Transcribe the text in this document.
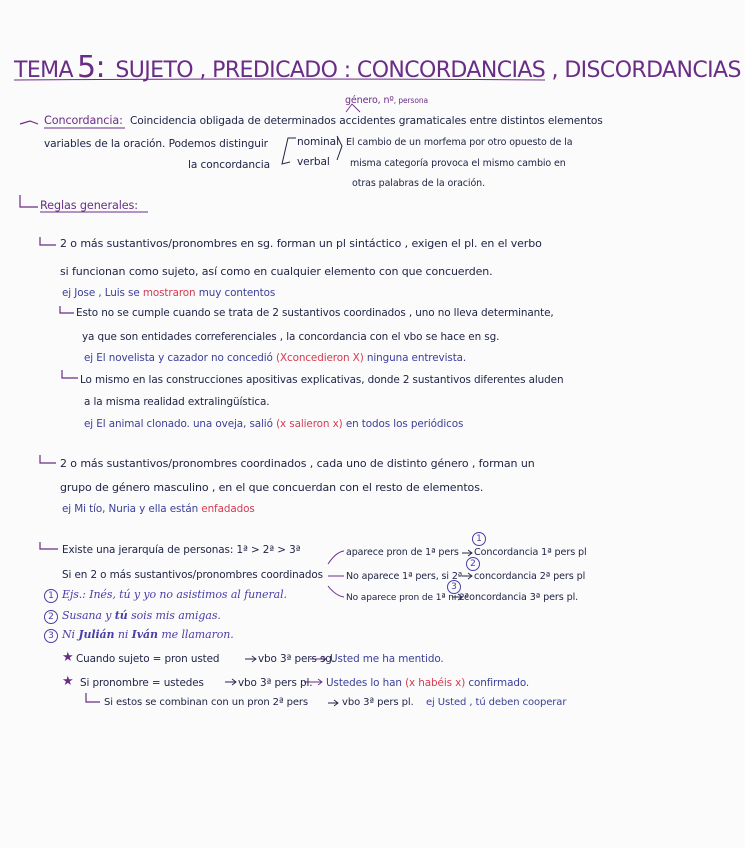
TEMA 5: SUJETO , PREDICADO : CONCORDANCIAS , DISCORDANCIAS
género, nº, persona
Concordancia: Coincidencia obligada de determinados accidentes gramaticales entre distintos elementos
variables de la oración. Podemos distinguir
la concordancia
nominal
verbal
El cambio de un morfema por otro opuesto de la
misma categoría provoca el mismo cambio en
otras palabras de la oración.
Reglas generales:
2 o más sustantivos/pronombres en sg. forman un pl sintáctico , exigen el pl. en el verbo
si funcionan como sujeto, así como en cualquier elemento con que concuerden.
ej Jose , Luis se mostraron muy contentos
Esto no se cumple cuando se trata de 2 sustantivos coordinados , uno no lleva determinante,
ya que son entidades correferenciales , la concordancia con el vbo se hace en sg.
ej El novelista y cazador no concedió (Xconcedieron X) ninguna entrevista.
Lo mismo en las construcciones apositivas explicativas, donde 2 sustantivos diferentes aluden
a la misma realidad extralingüística.
ej El animal clonado. una oveja, salió (x salieron x) en todos los periódicos
2 o más sustantivos/pronombres coordinados , cada uno de distinto género , forman un
grupo de género masculino , en el que concuerdan con el resto de elementos.
ej Mi tío, Nuria y ella están enfadados
Existe una jerarquía de personas: 1ª > 2ª > 3ª
Si en 2 o más sustantivos/pronombres coordinados
aparece pron de 1ª pers Concordancia 1ª pers pl
1
No aparece 1ª pers, si 2ª concordancia 2ª pers pl
2
No aparece pron de 1ª ni 2ª
concordancia 3ª pers pl.
3
1 Ejs.: Inés, tú y yo no asistimos al funeral.
2 Susana y tú sois mis amigas.
3 Ni Julián ni Iván me llamaron.
★ Cuando sujeto = pron usted	vbo 3ª pers sg.
Usted me ha mentido.
★ Si pronombre = ustedes	vbo 3ª pers pl. Ustedes lo han (x habéis x) confirmado.
Si estos se combinan con un pron 2ª pers	vbo 3ª pers pl. ej Usted , tú deben cooperar
